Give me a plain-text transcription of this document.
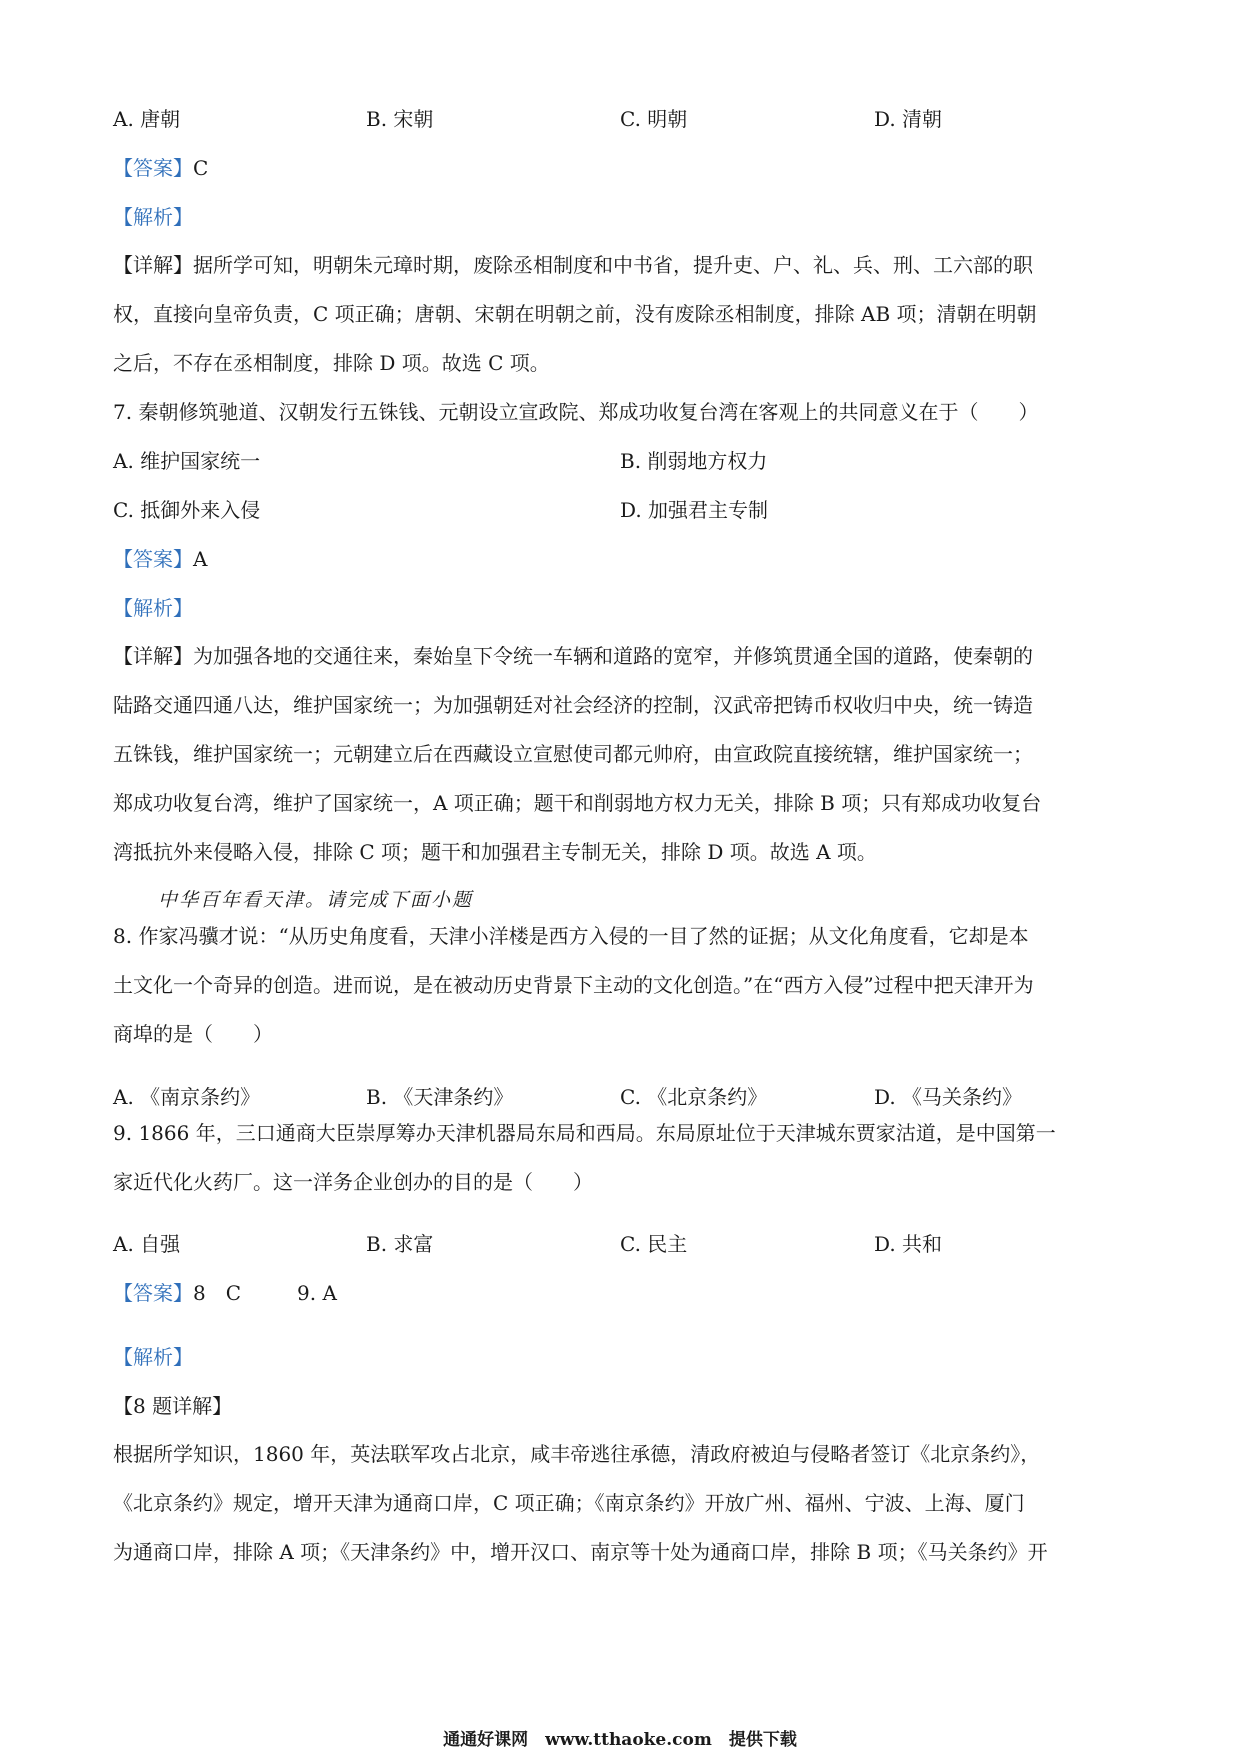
A. 唐朝	B. 宋朝	C. 明朝	D. 清朝
【答案】C
【解析】

【详解】据所学可知，明朝朱元璋时期，废除丞相制度和中书省，提升吏、户、礼、兵、刑、工六部的职

权，直接向皇帝负责，C 项正确；唐朝、宋朝在明朝之前，没有废除丞相制度，排除 AB 项；清朝在明朝

之后，不存在丞相制度，排除 D 项。故选 C 项。

7. 秦朝修筑驰道、汉朝发行五铢钱、元朝设立宣政院、郑成功收复台湾在客观上的共同意义在于（　　）
A. 维护国家统一	B. 削弱地方权力
C. 抵御外来入侵	D. 加强君主专制
【答案】A
【解析】

【详解】为加强各地的交通往来，秦始皇下令统一车辆和道路的宽窄，并修筑贯通全国的道路，使秦朝的

陆路交通四通八达，维护国家统一；为加强朝廷对社会经济的控制，汉武帝把铸币权收归中央，统一铸造

五铢钱，维护国家统一；元朝建立后在西藏设立宣慰使司都元帅府，由宣政院直接统辖，维护国家统一；

郑成功收复台湾，维护了国家统一，A 项正确；题干和削弱地方权力无关，排除 B 项；只有郑成功收复台

湾抵抗外来侵略入侵，排除 C 项；题干和加强君主专制无关，排除 D 项。故选 A 项。

中华百年看天津。请完成下面小题

8. 作家冯骥才说：“从历史角度看，天津小洋楼是西方入侵的一目了然的证据；从文化角度看，它却是本

土文化一个奇异的创造。进而说，是在被动历史背景下主动的文化创造。”在“西方入侵”过程中把天津开为

商埠的是（　　）

A. 《南京条约》	B. 《天津条约》	C. 《北京条约》	D. 《马关条约》

9. 1866 年，三口通商大臣崇厚筹办天津机器局东局和西局。东局原址位于天津城东贾家沽道，是中国第一

家近代化火药厂。这一洋务企业创办的目的是（　　）

A. 自强	B. 求富	C. 民主	D. 共和
【答案】8　C	9. A
【解析】
【8 题详解】

根据所学知识，1860 年，英法联军攻占北京，咸丰帝逃往承德，清政府被迫与侵略者签订《北京条约》，

《北京条约》规定，增开天津为通商口岸，C 项正确；《南京条约》开放广州、福州、宁波、上海、厦门

为通商口岸，排除 A 项；《天津条约》中，增开汉口、南京等十处为通商口岸，排除 B 项；《马关条约》开

通通好课网　www.tthaoke.com　提供下载
